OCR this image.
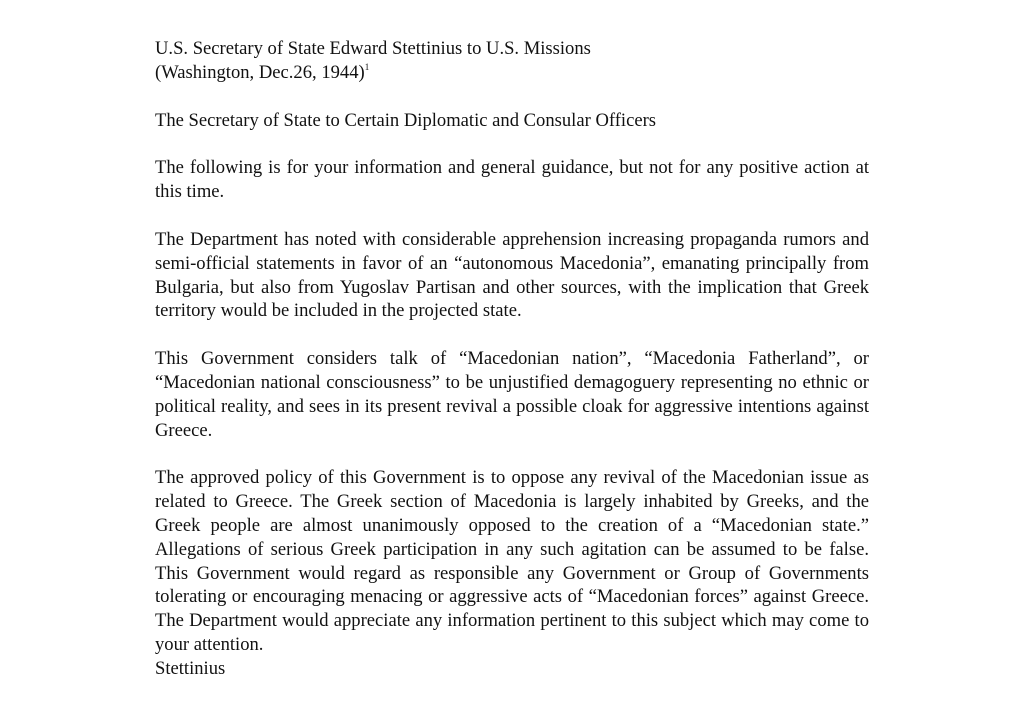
U.S. Secretary of State Edward Stettinius to U.S. Missions
(Washington, Dec.26, 1944)$^1$

The Secretary of State to Certain Diplomatic and Consular Officers

The following is for your information and general guidance, but not for any positive action at this time.

The Department has noted with considerable apprehension increasing propaganda rumors and semi-official statements in favor of an “autonomous Macedonia”, emanating principally from Bulgaria, but also from Yugoslav Partisan and other sources, with the implication that Greek territory would be included in the projected state.

This Government considers talk of “Macedonian nation”, “Macedonia Fatherland”, or “Macedonian national consciousness” to be unjustified demagoguery representing no ethnic or political reality, and sees in its present revival a possible cloak for aggressive intentions against Greece.

The approved policy of this Government is to oppose any revival of the Macedonian issue as related to Greece. The Greek section of Macedonia is largely inhabited by Greeks, and the Greek people are almost unanimously opposed to the creation of a “Macedonian state.” Allegations of serious Greek participation in any such agitation can be assumed to be false. This Government would regard as responsible any Government or Group of Governments tolerating or encouraging menacing or aggressive acts of “Macedonian forces” against Greece. The Department would appreciate any information pertinent to this subject which may come to your attention.

Stettinius
